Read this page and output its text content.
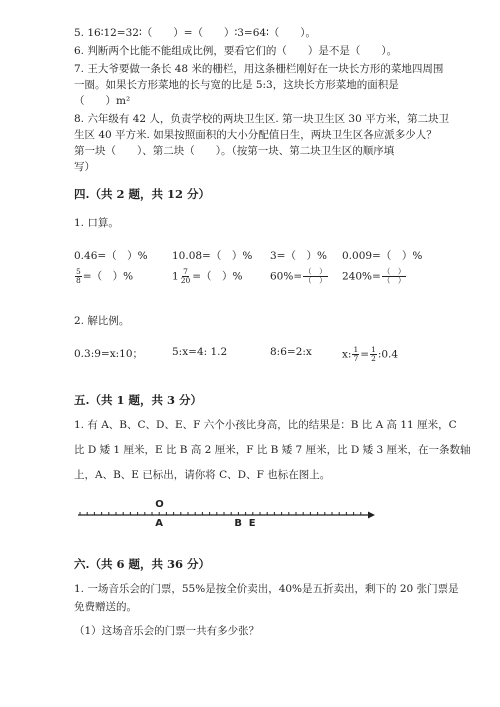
5. 16∶12=32∶（　　）=（　　）∶3=64∶（　　）。
6. 判断两个比能不能组成比例，要看它们的（　　）是不是（　　）。
7. 王大爷要做一条长 48 米的栅栏，用这条栅栏刚好在一块长方形的菜地四周围
一圈。如果长方形菜地的长与宽的比是 5:3，这块长方形菜地的面积是
（　　）m²
8. 六年级有 42 人，负责学校的两块卫生区. 第一块卫生区 30 平方米，第二块卫
生区 40 平方米. 如果按照面积的大小分配值日生，两块卫生区各应派多少人？
第一块（　　）、第二块（　　）。（按第一块、第二块卫生区的顺序填
写）
四.（共 2 题，共 12 分）
1. 口算。
0.46=（　）% 10.08=（　）% 3=（　）% 0.009=（　）%
$\frac{5}{8}$ =（　）%	$1 \frac{7}{20}$ =（　）%	$60\%= \frac{( )}{( )} 240\%= \frac{( )}{( )}$
2. 解比例。
0.3:9=x:10；	5:x=4: 1.2	8:6=2:x	x: $\frac{1}{7} = \frac{1}{2}$ :0.4
五.（共 1 题，共 3 分）
1. 有 A、B、C、D、E、F 六个小孩比身高，比的结果是：B 比 A 高 11 厘米，C
比 D 矮 1 厘米，E 比 B 高 2 厘米，F 比 B 矮 7 厘米，比 D 矮 3 厘米，在一条数轴
上，A、B、E 已标出，请你将 C、D、F 也标在图上。
O
A	B E
六.（共 6 题，共 36 分）
1. 一场音乐会的门票，55%是按全价卖出，40%是五折卖出，剩下的 20 张门票是
免费赠送的。
（1）这场音乐会的门票一共有多少张？
